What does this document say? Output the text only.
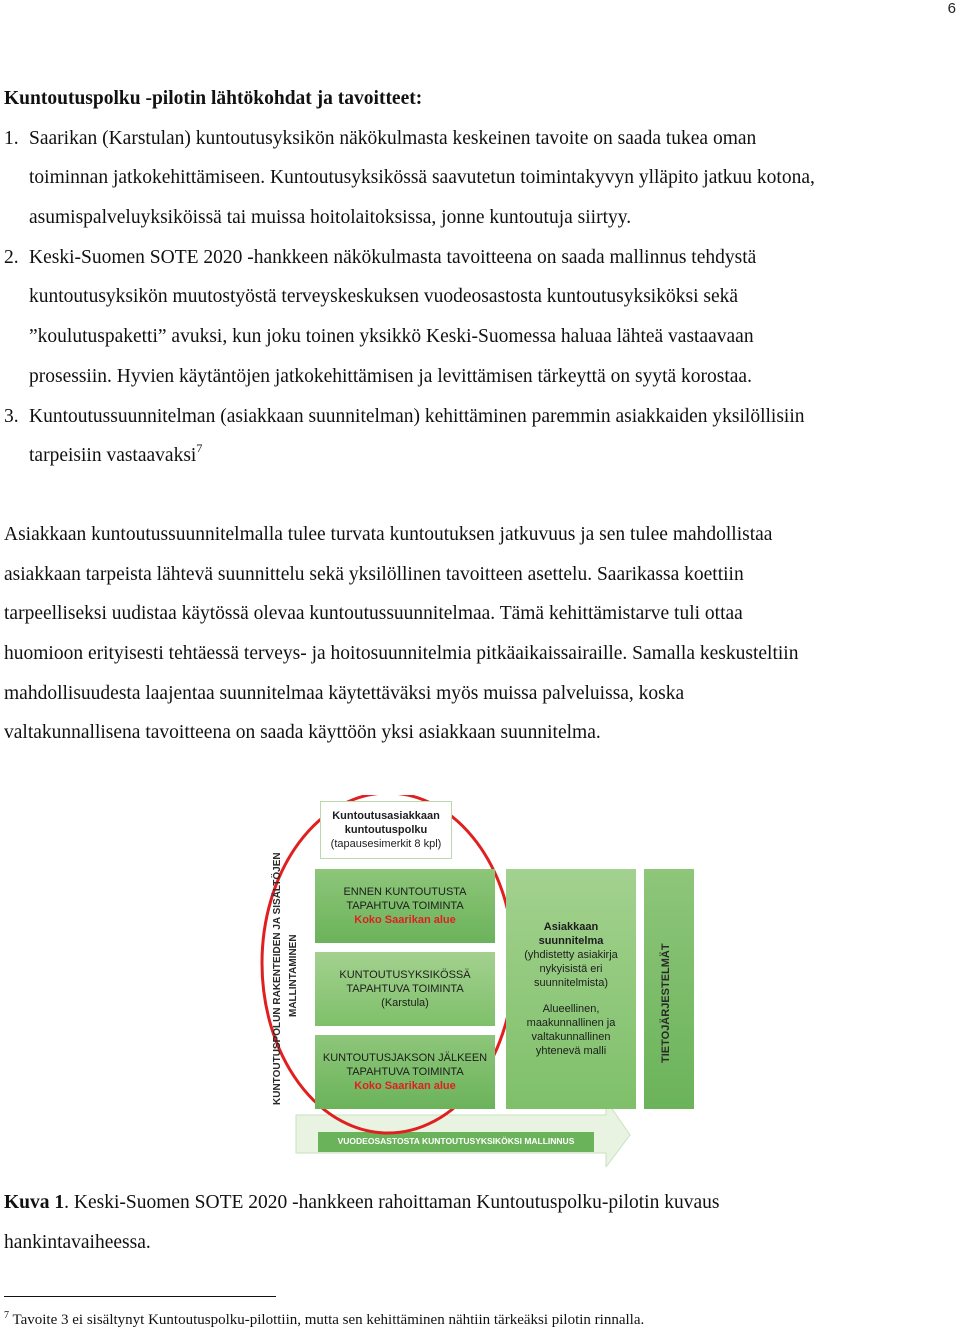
6
Kuntoutuspolku -pilotin lähtökohdat ja tavoitteet:
1. Saarikan (Karstulan) kuntoutusyksikön näkökulmasta keskeinen tavoite on saada tukea oman
toiminnan jatkokehittämiseen. Kuntoutusyksikössä saavutetun toimintakyvyn ylläpito jatkuu kotona,
asumispalveluyksiköissä tai muissa hoitolaitoksissa, jonne kuntoutuja siirtyy.
2. Keski-Suomen SOTE 2020 -hankkeen näkökulmasta tavoitteena on saada mallinnus tehdystä
kuntoutusyksikön muutostyöstä terveyskeskuksen vuodeosastosta kuntoutusyksiköksi sekä
”koulutuspaketti” avuksi, kun joku toinen yksikkö Keski-Suomessa haluaa lähteä vastaavaan
prosessiin. Hyvien käytäntöjen jatkokehittämisen ja levittämisen tärkeyttä on syytä korostaa.
3. Kuntoutussuunnitelman (asiakkaan suunnitelman) kehittäminen paremmin asiakkaiden yksilöllisiin
tarpeisiin vastaavaksi$^7$
Asiakkaan kuntoutussuunnitelmalla tulee turvata kuntoutuksen jatkuvuus ja sen tulee mahdollistaa
asiakkaan tarpeista lähtevä suunnittelu sekä yksilöllinen tavoitteen asettelu. Saarikassa koettiin
tarpeelliseksi uudistaa käytössä olevaa kuntoutussuunnitelmaa. Tämä kehittämistarve tuli ottaa
huomioon erityisesti tehtäessä terveys- ja hoitosuunnitelmia pitkäaikaissairaille. Samalla keskusteltiin
mahdollisuudesta laajentaa suunnitelmaa käytettäväksi myös muissa palveluissa, koska
valtakunnallisena tavoitteena on saada käyttöön yksi asiakkaan suunnitelma.
Kuntoutusasiakkaan
kuntoutuspolku
(tapausesimerkit 8 kpl)
ENNEN KUNTOUTUSTA
TAPAHTUVA TOIMINTA
Koko Saarikan alue
KUNTOUTUSYKSIKÖSSÄ
TAPAHTUVA TOIMINTA
(Karstula)
KUNTOUTUSJAKSON JÄLKEEN
TAPAHTUVA TOIMINTA
Koko Saarikan alue
Asiakkaan
suunnitelma
(yhdistetty asiakirja
nykyisistä eri
suunnitelmista)
Alueellinen,
maakunnallinen ja
valtakunnallinen
yhtenevä malli	TIETOJÄRJESTELMÄT
KUNTOUTUSPOLUN RAKENTEIDEN JA SISÄLTÖJEN MALLINTAMINEN
VUODEOSASTOSTA KUNTOUTUSYKSIKÖKSI MALLINNUS
Kuva 1. Keski-Suomen SOTE 2020 -hankkeen rahoittaman Kuntoutuspolku-pilotin kuvaus
hankintavaiheessa.
$^7$ Tavoite 3 ei sisältynyt Kuntoutuspolku-pilottiin, mutta sen kehittäminen nähtiin tärkeäksi pilotin rinnalla.
